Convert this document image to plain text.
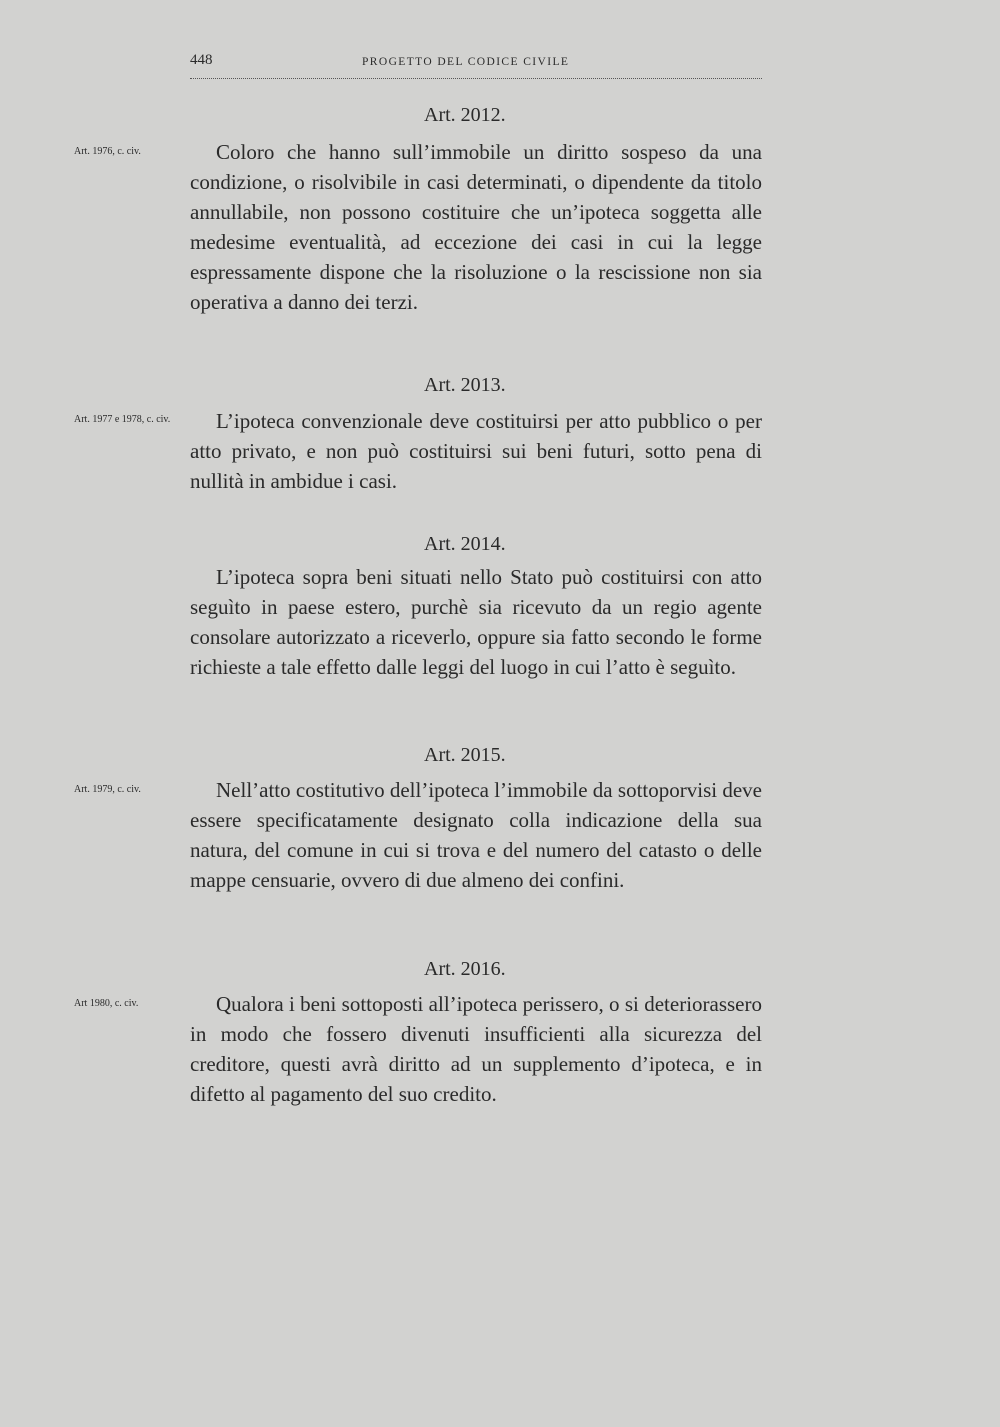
448	PROGETTO DEL CODICE CIVILE
Art. 2012.
Art. 1976, c. civ.	Coloro che hanno sull’immobile un diritto sospeso da una condizione, o risolvibile in casi determinati, o dipendente da titolo annullabile, non possono costituire che un’ipoteca soggetta alle medesime eventualità, ad eccezione dei casi in cui la legge espressamente dispone che la risoluzione o la rescissione non sia operativa a danno dei terzi.

Art. 2013.
Art. 1977 e 1978, c. civ.	L’ipoteca convenzionale deve costituirsi per atto pubblico o per atto privato, e non può costituirsi sui beni futuri, sotto pena di nullità in ambidue i casi.

Art. 2014.

L’ipoteca sopra beni situati nello Stato può costituirsi con atto seguìto in paese estero, purchè sia ricevuto da un regio agente consolare autorizzato a riceverlo, oppure sia fatto secondo le forme richieste a tale effetto dalle leggi del luogo in cui l’atto è seguìto.

Art. 2015.
Art. 1979, c. civ.	Nell’atto costitutivo dell’ipoteca l’immobile da sottoporvisi deve essere specificatamente designato colla indicazione della sua natura, del comune in cui si trova e del numero del catasto o delle mappe censuarie, ovvero di due almeno dei confini.

Art. 2016.
Art 1980, c. civ.	Qualora i beni sottoposti all’ipoteca perissero, o si deteriorassero in modo che fossero divenuti insufficienti alla sicurezza del creditore, questi avrà diritto ad un supplemento d’ipoteca, e in difetto al pagamento del suo credito.
